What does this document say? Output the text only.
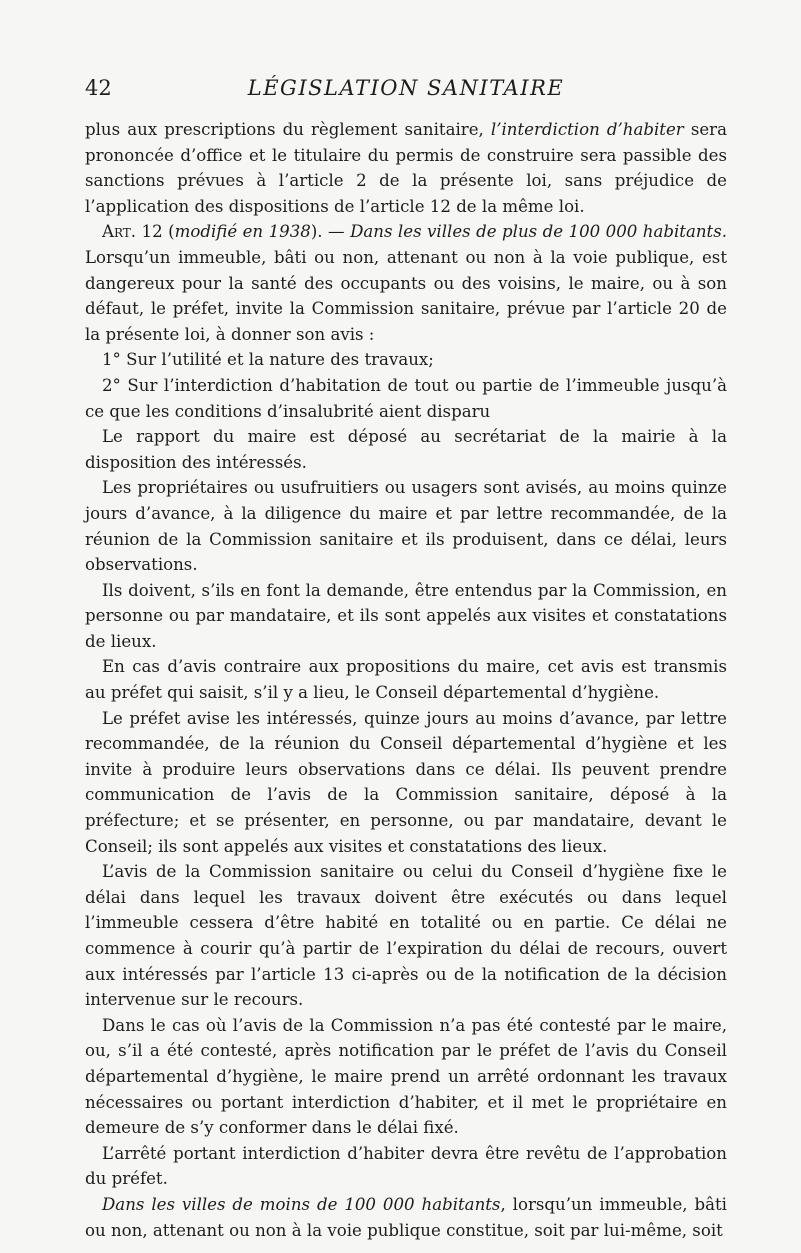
42	LÉGISLATION SANITAIRE

plus aux prescriptions du règlement sanitaire, l’interdiction d’habiter sera prononcée d’office et le titulaire du permis de construire sera passible des sanctions prévues à l’article 2 de la présente loi, sans préjudice de l’application des dispositions de l’article 12 de la même loi.

Art. 12 (modifié en 1938). — Dans les villes de plus de 100 000 habitants. Lorsqu’un immeuble, bâti ou non, attenant ou non à la voie publique, est dangereux pour la santé des occupants ou des voisins, le maire, ou à son défaut, le préfet, invite la Commission sanitaire, prévue par l’article 20 de la présente loi, à donner son avis :

1° Sur l’utilité et la nature des travaux;

2° Sur l’interdiction d’habitation de tout ou partie de l’immeuble jusqu’à ce que les conditions d’insalubrité aient disparu

Le rapport du maire est déposé au secrétariat de la mairie à la disposition des intéressés.

Les propriétaires ou usufruitiers ou usagers sont avisés, au moins quinze jours d’avance, à la diligence du maire et par lettre recommandée, de la réunion de la Commission sanitaire et ils produisent, dans ce délai, leurs observations.

Ils doivent, s’ils en font la demande, être entendus par la Commission, en personne ou par mandataire, et ils sont appelés aux visites et constatations de lieux.

En cas d’avis contraire aux propositions du maire, cet avis est transmis au préfet qui saisit, s’il y a lieu, le Conseil départemental d’hygiène.

Le préfet avise les intéressés, quinze jours au moins d’avance, par lettre recommandée, de la réunion du Conseil départemental d’hygiène et les invite à produire leurs observations dans ce délai. Ils peuvent prendre communication de l’avis de la Commission sanitaire, déposé à la préfecture; et se présenter, en personne, ou par mandataire, devant le Conseil; ils sont appelés aux visites et constatations des lieux.

L’avis de la Commission sanitaire ou celui du Conseil d’hygiène fixe le délai dans lequel les travaux doivent être exécutés ou dans lequel l’immeuble cessera d’être habité en totalité ou en partie. Ce délai ne commence à courir qu’à partir de l’expiration du délai de recours, ouvert aux intéressés par l’article 13 ci-après ou de la notification de la décision intervenue sur le recours.

Dans le cas où l’avis de la Commission n’a pas été contesté par le maire, ou, s’il a été contesté, après notification par le préfet de l’avis du Conseil départemental d’hygiène, le maire prend un arrêté ordonnant les travaux nécessaires ou portant interdiction d’habiter, et il met le propriétaire en demeure de s’y conformer dans le délai fixé.

L’arrêté portant interdiction d’habiter devra être revêtu de l’approbation du préfet.

Dans les villes de moins de 100 000 habitants, lorsqu’un immeuble, bâti ou non, attenant ou non à la voie publique constitue, soit par lui-même, soit
